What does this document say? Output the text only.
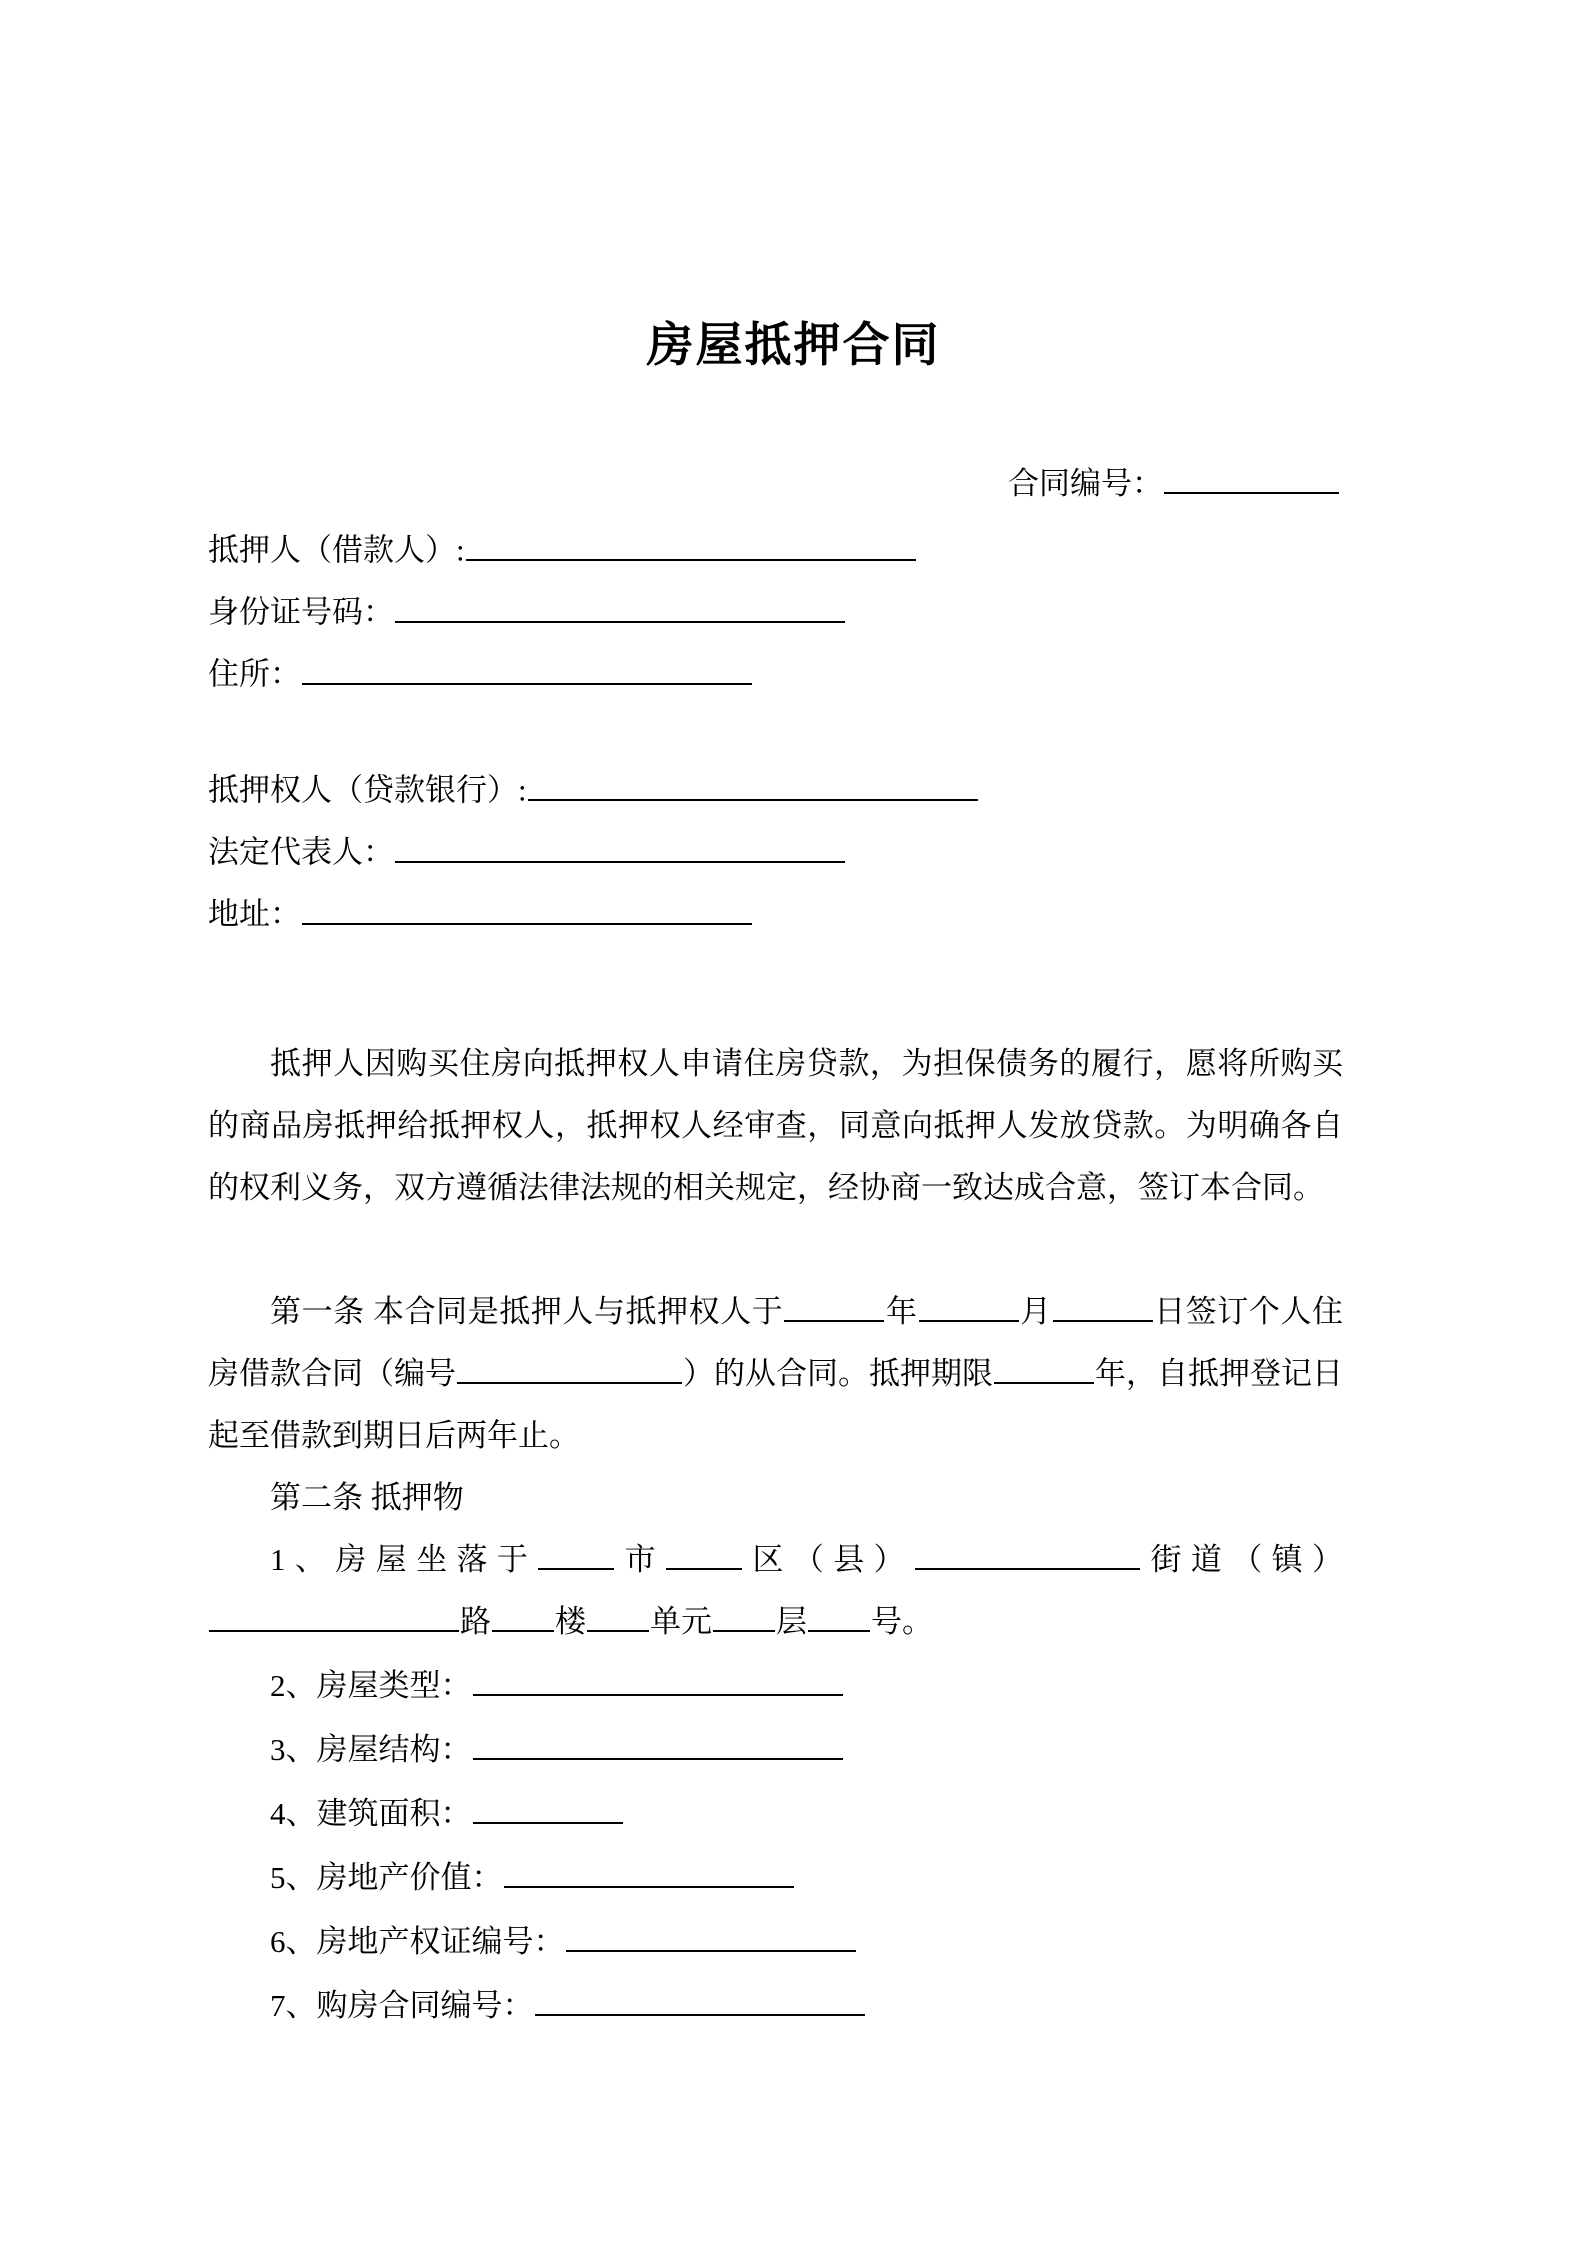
房屋抵押合同
合同编号：
抵押人（借款人）:
身份证号码：
住所：
抵押权人（贷款银行）:
法定代表人：
地址：
抵押人因购买住房向抵押权人申请住房贷款，为担保债务的履行，愿将所购买的商品房抵押给抵押权人，抵押权人经审查，同意向抵押人发放贷款。为明确各自的权利义务，双方遵循法律法规的相关规定，经协商一致达成合意，签订本合同。
第一条 本合同是抵押人与抵押权人于	年	月	日签订个人住房借款合同（编号	）的从合同。抵押期限	年，自抵押登记日起至借款到期日后两年止。
第二条 抵押物
1、房屋坐落于	市	区（县）	街道（镇）路 楼 单元 层 号。
2、房屋类型：
3、房屋结构：
4、建筑面积：
5、房地产价值：
6、房地产权证编号：
7、购房合同编号：
